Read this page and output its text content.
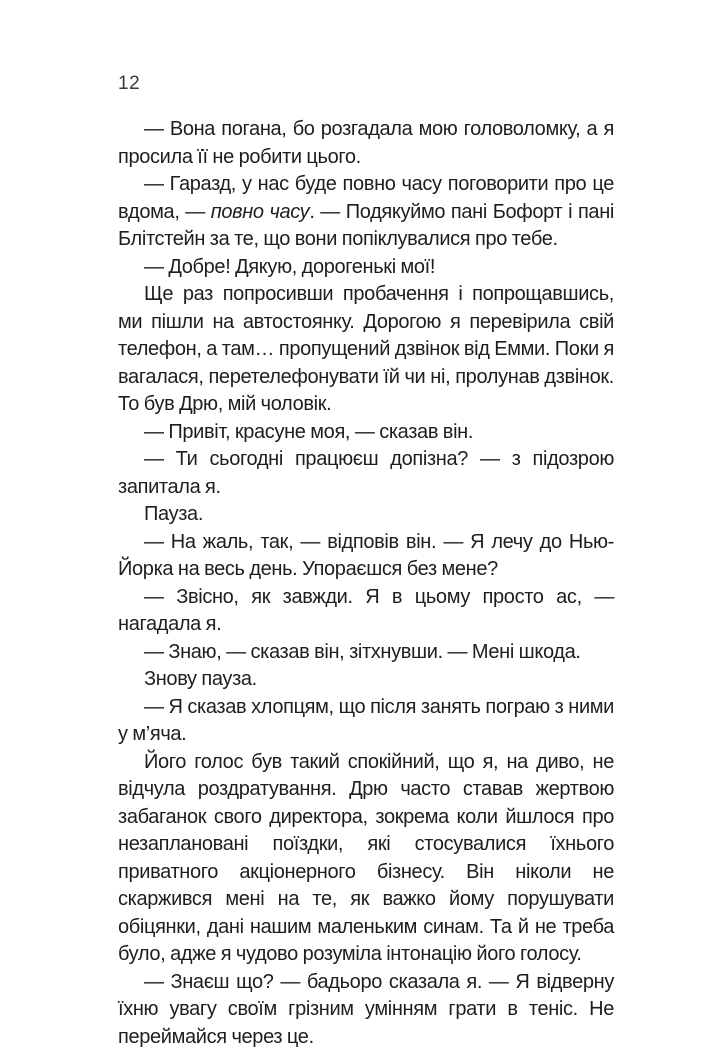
12

— Вона погана, бо розгадала мою головоломку, а я просила її не робити цього.

— Гаразд, у нас буде повно часу поговорити про це вдома, — повно часу. — Подякуймо пані Бофорт і пані Блітстейн за те, що вони попіклувалися про тебе.

— Добре! Дякую, дорогенькі мої!

Ще раз попросивши пробачення і попрощавшись, ми пішли на автостоянку. Дорогою я перевірила свій телефон, а там… пропущений дзвінок від Емми. Поки я вагалася, перетелефонувати їй чи ні, пролунав дзвінок. То був Дрю, мій чоловік.

— Привіт, красуне моя, — сказав він.

— Ти сьогодні працюєш допізна? — з підозрою запитала я.

Пауза.

— На жаль, так, — відповів він. — Я лечу до Нью-Йорка на весь день. Упораєшся без мене?

— Звісно, як завжди. Я в цьому просто ас, — нагадала я.

— Знаю, — сказав він, зітхнувши. — Мені шкода.

Знову пауза.

— Я сказав хлопцям, що після занять пограю з ними у м’яча.

Його голос був такий спокійний, що я, на диво, не відчула роздратування. Дрю часто ставав жертвою забаганок свого директора, зокрема коли йшлося про незаплановані поїздки, які стосувалися їхнього приватного акціонерного бізнесу. Він ніколи не скаржився мені на те, як важко йому порушувати обіцянки, дані нашим маленьким синам. Та й не треба було, адже я чудово розуміла інтонацію його голосу.

— Знаєш що? — бадьоро сказала я. — Я відверну їхню увагу своїм грізним умінням грати в теніс. Не переймайся через це.
